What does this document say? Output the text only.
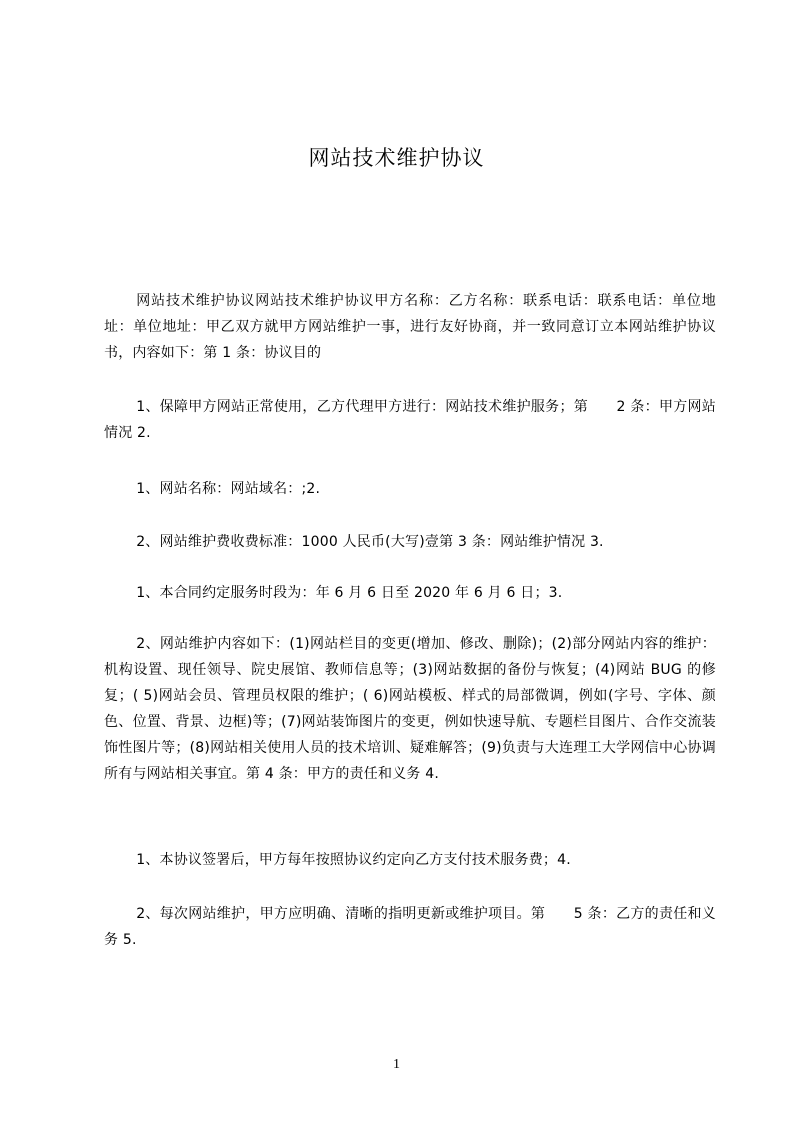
网站技术维护协议

网站技术维护协议网站技术维护协议甲方名称：乙方名称：联系电话：联系电话：单位地址：单位地址：甲乙双方就甲方网站维护一事，进行友好协商，并一致同意订立本网站维护协议书，内容如下：第 1 条：协议目的

1、保障甲方网站正常使用，乙方代理甲方进行：网站技术维护服务；第　　2 条：甲方网站情况 2.

1、网站名称：网站域名：;2.

2、网站维护费收费标准：1000 人民币(大写)壹第 3 条：网站维护情况 3.

1、本合同约定服务时段为：年 6 月 6 日至 2020 年 6 月 6 日；3.

2、网站维护内容如下：(1)网站栏目的变更(增加、修改、删除)；(2)部分网站内容的维护：机构设置、现任领导、院史展馆、教师信息等；(3)网站数据的备份与恢复；(4)网站 BUG 的修复；( 5)网站会员、管理员权限的维护；( 6)网站模板、样式的局部微调，例如(字号、字体、颜色、位置、背景、边框)等；(7)网站装饰图片的变更，例如快速导航、专题栏目图片、合作交流装饰性图片等；(8)网站相关使用人员的技术培训、疑难解答；(9)负责与大连理工大学网信中心协调所有与网站相关事宜。第 4 条：甲方的责任和义务 4.

1、本协议签署后，甲方每年按照协议约定向乙方支付技术服务费；4.

2、每次网站维护，甲方应明确、清晰的指明更新或维护项目。第　　5 条：乙方的责任和义务 5.

1
